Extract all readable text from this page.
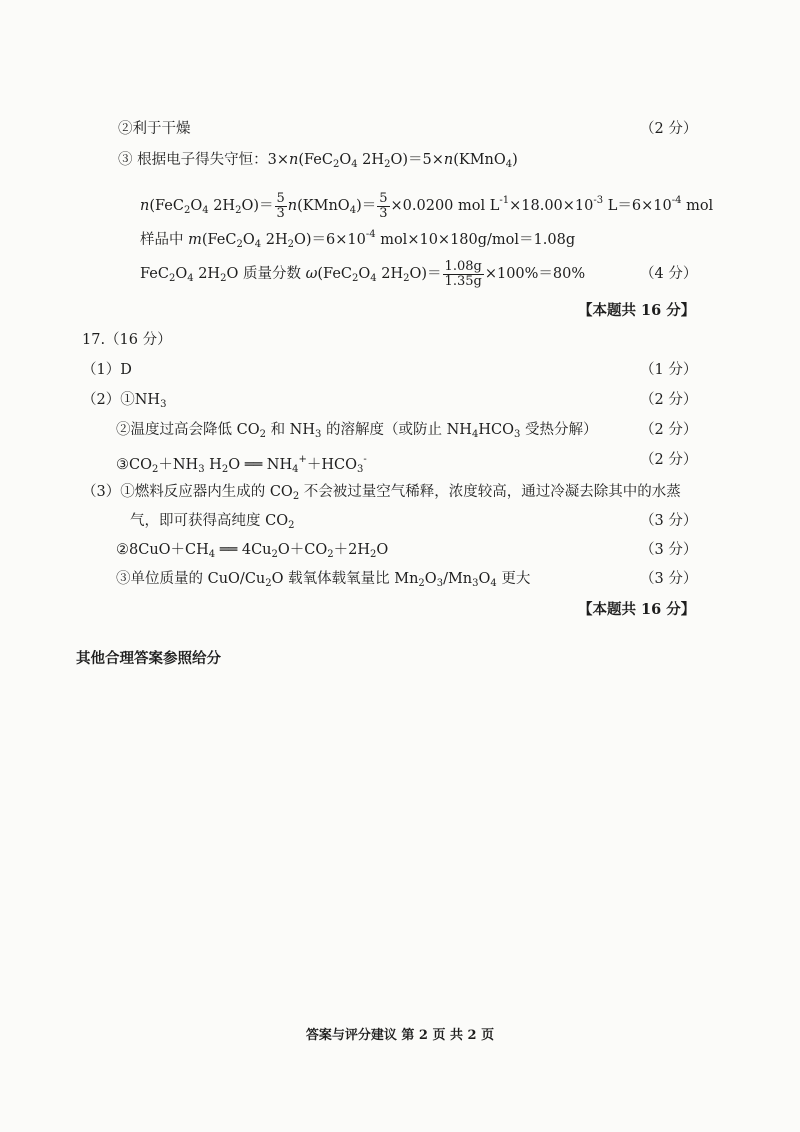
②利于干燥	（2 分）
③ 根据电子得失守恒：$3\times n(FeC_2O_4$ $2H_2O)=5\times n(KMnO_4)$
$n(FeC_2O_4$ $2H_2O)= \frac{5}{3}$ n(KMnO$_4$)＝ $\frac{5}{3} \times 0.0200$ mol $L^{-1}\times 18.00\times 10^{-3}$ $L=6\times 10^{-4}$ mol
样品中 $m(FeC_2O_4$ $2H_2O)=6\times 10^{-4}$ mol×10×180g/mol＝1.08g
$FeC_2O_4$ $2H_2O$ 质量分数 $\omega(FeC_2O_4$ $2H_2O)= \frac{1.08g}{1.35g} \times 100\%=80\%$	（4 分）
【本题共 16 分】
17.（16 分）
（1）D	（1 分）
$(2)①NH_3$	（2 分）
②温度过高会降低 $CO_2$ 和 $NH_3$ 的溶解度（或防止 $NH_4HCO_3$ 受热分解）	（2 分）
$③CO_2+NH_3$ $H_2O$ ══ $NH_4^++HCO_3^-$	（2 分）
（3）①燃料反应器内生成的 $CO_2$ 不会被过量空气稀释，浓度较高，通过冷凝去除其中的水蒸
气，即可获得高纯度 $CO_2$	（3 分）
$②8CuO+CH_4$ ══ $4Cu_2O+CO_2+2H_2O$	（3 分）
③单位质量的 CuO/$Cu_2O$ 载氧体载氧量比 $Mn_2O_3/Mn_3O_4$ 更大	（3 分）
【本题共 16 分】
其他合理答案参照给分
答案与评分建议 第 2 页 共 2 页
